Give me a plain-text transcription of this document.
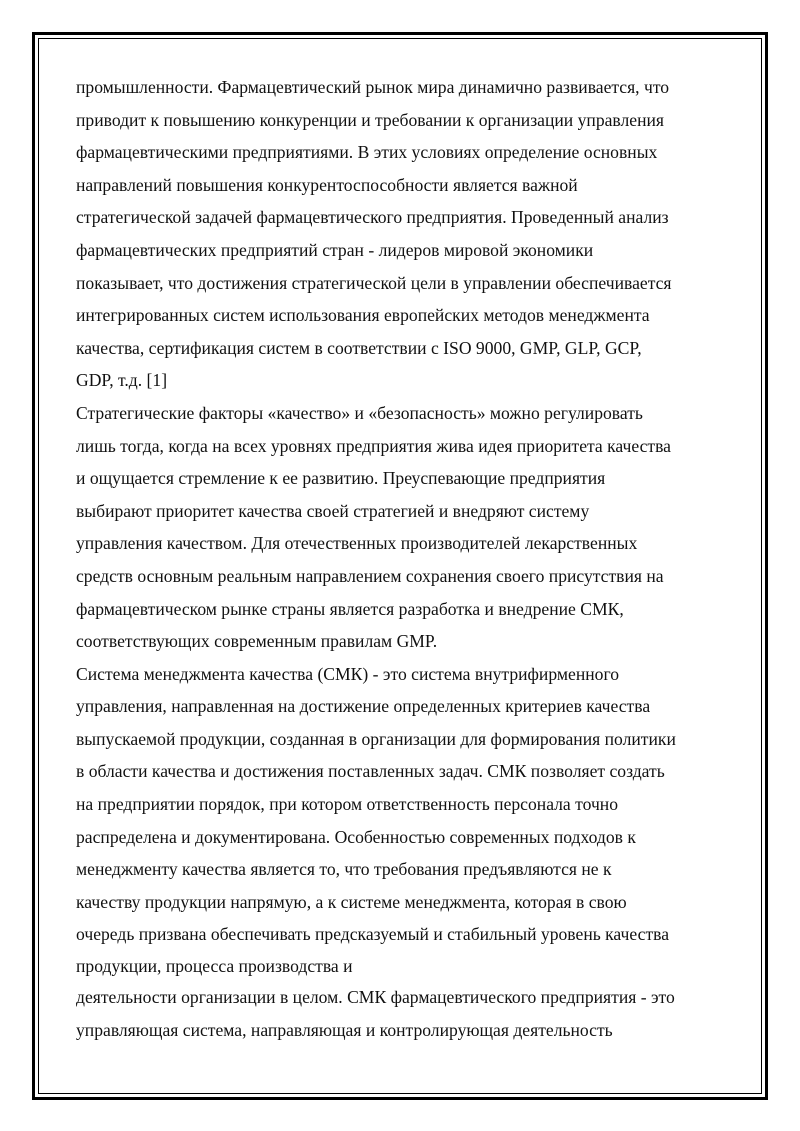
промышленности. Фармацевтический рынок мира динамично развивается, что
приводит к повышению конкуренции и требовании к организации управления
фармацевтическими предприятиями. В этих условиях определение основных
направлений повышения конкурентоспособности является важной
стратегической задачей фармацевтического предприятия. Проведенный анализ
фармацевтических предприятий стран - лидеров мировой экономики
показывает, что достижения стратегической цели в управлении обеспечивается
интегрированных систем использования европейских методов менеджмента
качества, сертификация систем в соответствии с ISO 9000, GMP, GLP, GCP,
GDP, т.д. [1]
Стратегические факторы «качество» и «безопасность» можно регулировать
лишь тогда, когда на всех уровнях предприятия жива идея приоритета качества
и ощущается стремление к ее развитию. Преуспевающие предприятия
выбирают приоритет качества своей стратегией и внедряют систему
управления качеством. Для отечественных производителей лекарственных
средств основным реальным направлением сохранения своего присутствия на
фармацевтическом рынке страны является разработка и внедрение СМК,
соответствующих современным правилам GMP.
Система менеджмента качества (СМК) - это система внутрифирменного
управления, направленная на достижение определенных критериев качества
выпускаемой продукции, созданная в организации для формирования политики
в области качества и достижения поставленных задач. СМК позволяет создать
на предприятии порядок, при котором ответственность персонала точно
распределена и документирована. Особенностью современных подходов к
менеджменту качества является то, что требования предъявляются не к
качеству продукции напрямую, а к системе менеджмента, которая в свою
очередь призвана обеспечивать предсказуемый и стабильный уровень качества
продукции, процесса производства и
деятельности организации в целом. СМК фармацевтического предприятия - это
управляющая система, направляющая и контролирующая деятельность
